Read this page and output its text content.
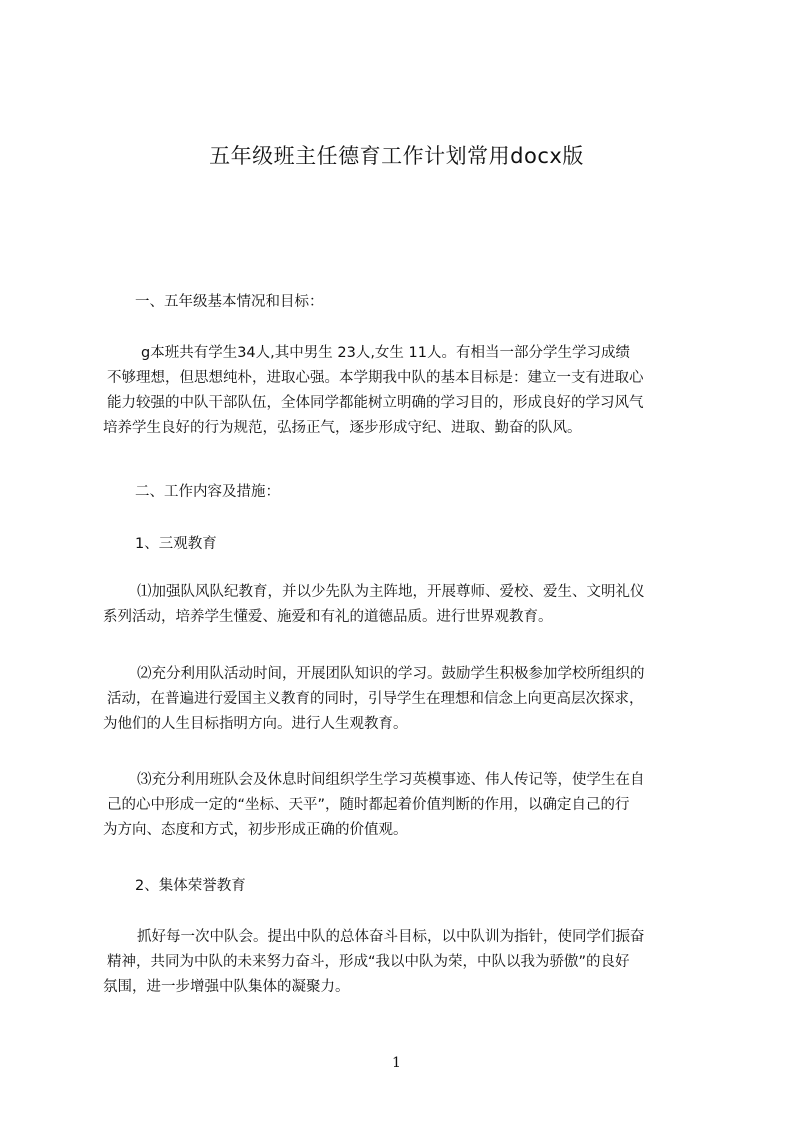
五年级班主任德育工作计划常用docx版
一、五年级基本情况和目标：
g本班共有学生34人,其中男生 23人,女生 11人。有相当一部分学生学习成绩
不够理想，但思想纯朴，进取心强。本学期我中队的基本目标是：建立一支有进取心
能力较强的中队干部队伍，全体同学都能树立明确的学习目的，形成良好的学习风气
培养学生良好的行为规范，弘扬正气，逐步形成守纪、进取、勤奋的队风。
二、工作内容及措施：
1、三观教育
⑴加强队风队纪教育，并以少先队为主阵地，开展尊师、爱校、爱生、文明礼仪
系列活动，培养学生懂爱、施爱和有礼的道德品质。进行世界观教育。
⑵充分利用队活动时间，开展团队知识的学习。鼓励学生积极参加学校所组织的
活动，在普遍进行爱国主义教育的同时，引导学生在理想和信念上向更高层次探求，
为他们的人生目标指明方向。进行人生观教育。
⑶充分利用班队会及休息时间组织学生学习英模事迹、伟人传记等，使学生在自
己的心中形成一定的“坐标、天平”，随时都起着价值判断的作用，以确定自己的行
为方向、态度和方式，初步形成正确的价值观。
2、集体荣誉教育
抓好每一次中队会。提出中队的总体奋斗目标，以中队训为指针，使同学们振奋
精神，共同为中队的未来努力奋斗，形成“我以中队为荣，中队以我为骄傲”的良好
氛围，进一步增强中队集体的凝聚力。
1
